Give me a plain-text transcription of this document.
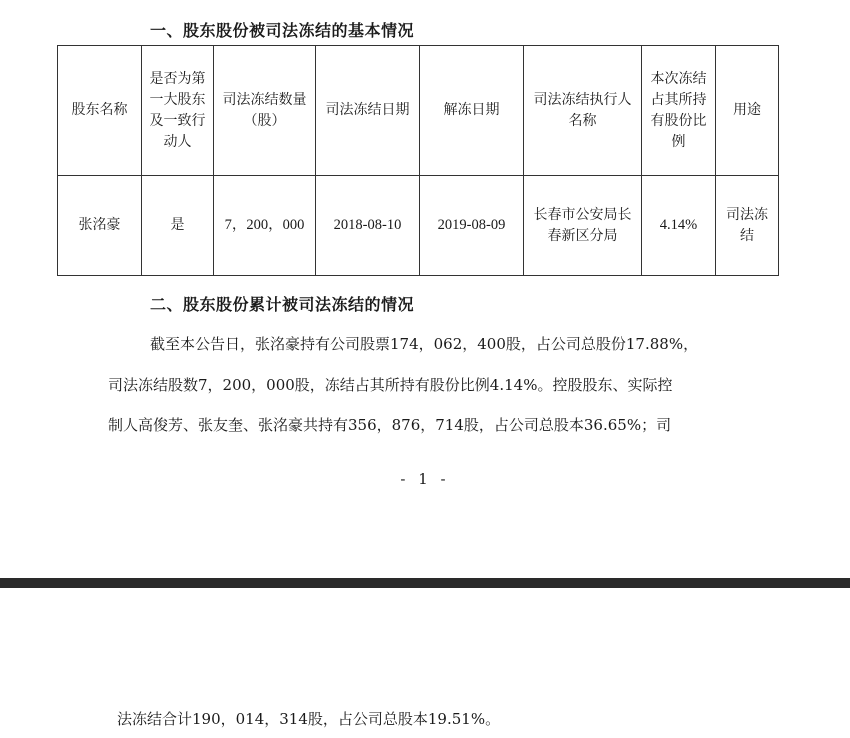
一、股东股份被司法冻结的基本情况
股东名称	是否为第一大股东及一致行动人	司法冻结数量（股）	司法冻结日期	解冻日期	司法冻结执行人名称	本次冻结占其所持有股份比例	用途
张洺豪	是	7，200，000	2018-08-10	2019-08-09	长春市公安局长春新区分局	4.14%	司法冻结
二、股东股份累计被司法冻结的情况
截至本公告日，张洺豪持有公司股票174，062，400股，占公司总股份17.88%，
司法冻结股数7，200，000股，冻结占其所持有股份比例4.14%。控股股东、实际控
制人高俊芳、张友奎、张洺豪共持有356，876，714股，占公司总股本36.65%；司
- 1 -
法冻结合计190，014，314股，占公司总股本19.51%。
